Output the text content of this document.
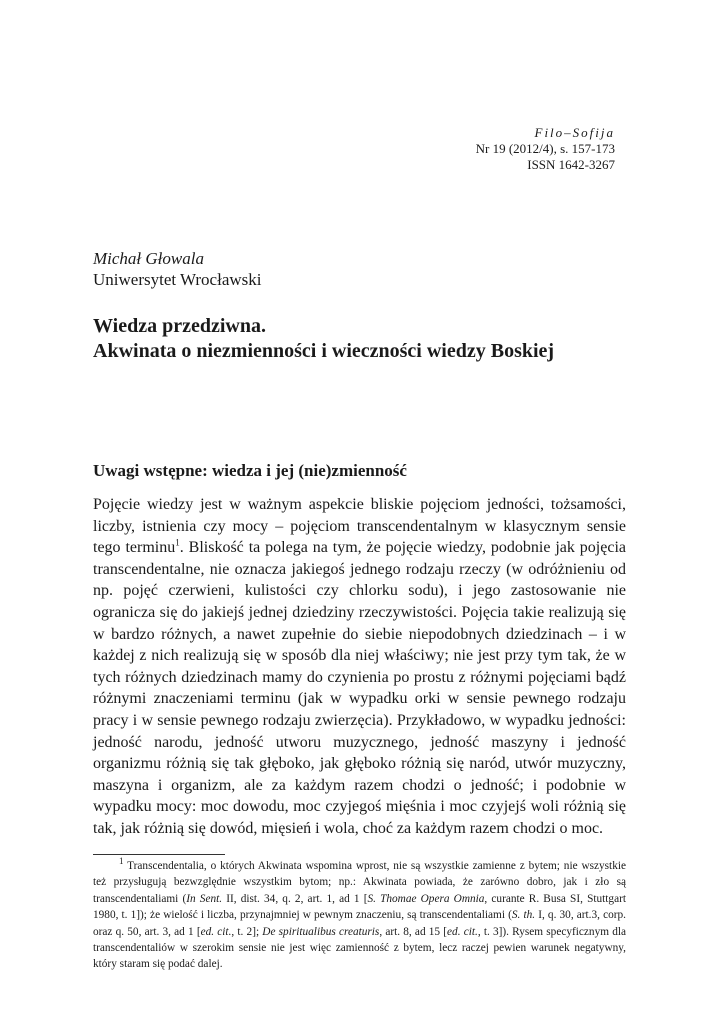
Filo–Sofija
Nr 19 (2012/4), s. 157-173
ISSN 1642-3267
Michał Głowala
Uniwersytet Wrocławski
Wiedza przedziwna.
Akwinata o niezmienności i wieczności wiedzy Boskiej
Uwagi wstępne: wiedza i jej (nie)zmienność
Pojęcie wiedzy jest w ważnym aspekcie bliskie pojęciom jedności, tożsamości, liczby, istnienia czy mocy – pojęciom transcendentalnym w klasycznym sensie tego terminu$^1$. Bliskość ta polega na tym, że pojęcie wiedzy, podobnie jak pojęcia transcendentalne, nie oznacza jakiegoś jednego rodzaju rzeczy (w odróżnieniu od np. pojęć czerwieni, kulistości czy chlorku sodu), i jego zastosowanie nie ogranicza się do jakiejś jednej dziedziny rzeczywistości. Pojęcia takie realizują się w bardzo różnych, a nawet zupełnie do siebie niepodobnych dziedzinach – i w każdej z nich realizują się w sposób dla niej właściwy; nie jest przy tym tak, że w tych różnych dziedzinach mamy do czynienia po prostu z różnymi pojęciami bądź różnymi znaczeniami terminu (jak w wypadku orki w sensie pewnego rodzaju pracy i w sensie pewnego rodzaju zwierzęcia). Przykładowo, w wypadku jedności: jedność narodu, jedność utworu muzycznego, jedność maszyny i jedność organizmu różnią się tak głęboko, jak głęboko różnią się naród, utwór muzyczny, maszyna i organizm, ale za każdym razem chodzi o jedność; i podobnie w wypadku mocy: moc dowodu, moc czyjegoś mięśnia i moc czyjejś woli różnią się tak, jak różnią się dowód, mięsień i wola, choć za każdym razem chodzi o moc.
$^1$ Transcendentalia, o których Akwinata wspomina wprost, nie są wszystkie zamienne z bytem; nie wszystkie też przysługują bezwzględnie wszystkim bytom; np.: Akwinata powiada, że zarówno dobro, jak i zło są transcendentaliami (In Sent. II, dist. 34, q. 2, art. 1, ad 1 [S. Thomae Opera Omnia, curante R. Busa SI, Stuttgart 1980, t. 1]); że wielość i liczba, przynajmniej w pewnym znaczeniu, są transcendentaliami (S. th. I, q. 30, art.3, corp. oraz q. 50, art. 3, ad 1 [ed. cit., t. 2]; De spiritualibus creaturis, art. 8, ad 15 [ed. cit., t. 3]). Rysem specyficznym dla transcendentaliów w szerokim sensie nie jest więc zamienność z bytem, lecz raczej pewien warunek negatywny, który staram się podać dalej.
